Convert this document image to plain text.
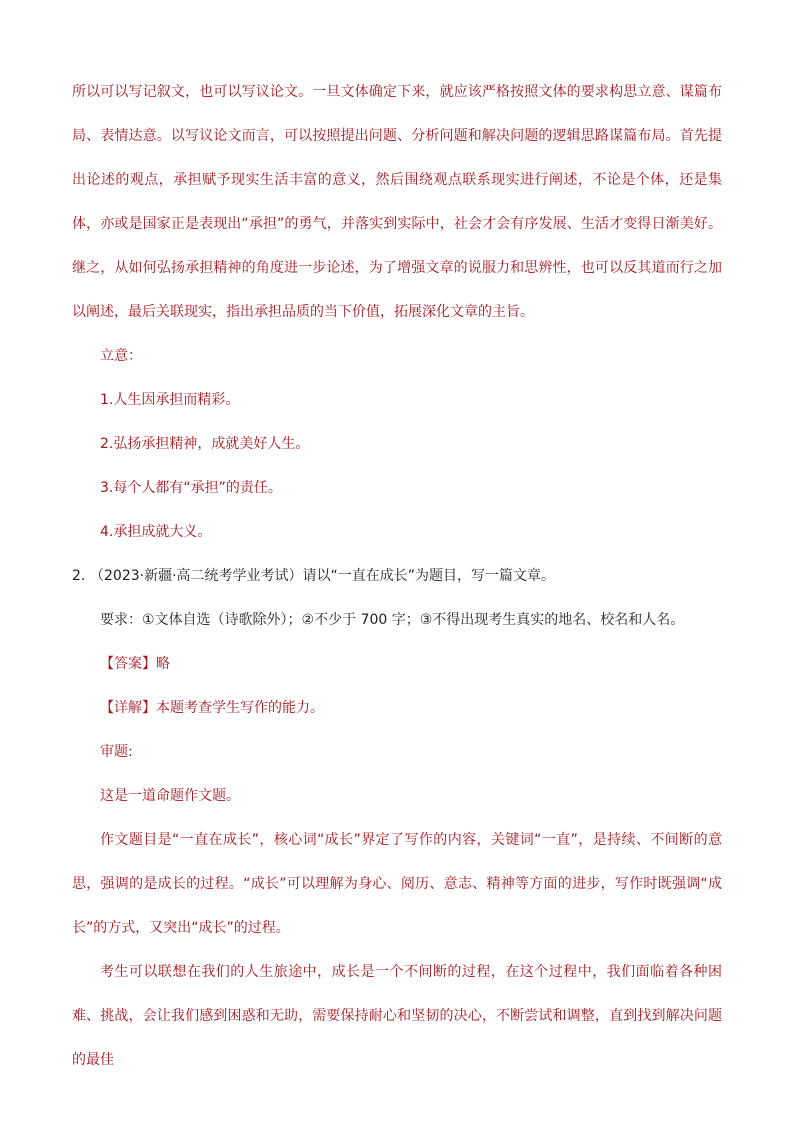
所以可以写记叙文，也可以写议论文。一旦文体确定下来，就应该严格按照文体的要求构思立意、谋篇布局、表情达意。以写议论文而言，可以按照提出问题、分析问题和解决问题的逻辑思路谋篇布局。首先提出论述的观点，承担赋予现实生活丰富的意义，然后围绕观点联系现实进行阐述，不论是个体，还是集体，亦或是国家正是表现出“承担”的勇气，并落实到实际中，社会才会有序发展、生活才变得日渐美好。继之，从如何弘扬承担精神的角度进一步论述，为了增强文章的说服力和思辨性，也可以反其道而行之加以阐述，最后关联现实，指出承担品质的当下价值，拓展深化文章的主旨。

立意：

1.人生因承担而精彩。

2.弘扬承担精神，成就美好人生。

3.每个人都有“承担”的责任。

4.承担成就大义。

2．（2023·新疆·高二统考学业考试）请以“一直在成长”为题目，写一篇文章。

要求：①文体自选（诗歌除外）；②不少于 700 字；③不得出现考生真实的地名、校名和人名。

【答案】略

【详解】本题考查学生写作的能力。

审题:

这是一道命题作文题。

作文题目是“一直在成长”，核心词“成长”界定了写作的内容，关键词“一直”，是持续、不间断的意思，强调的是成长的过程。“成长”可以理解为身心、阅历、意志、精神等方面的进步，写作时既强调“成长”的方式，又突出“成长”的过程。

考生可以联想在我们的人生旅途中，成长是一个不间断的过程，在这个过程中，我们面临着各种困难、挑战，会让我们感到困惑和无助，需要保持耐心和坚韧的决心，不断尝试和调整，直到找到解决问题的最佳
